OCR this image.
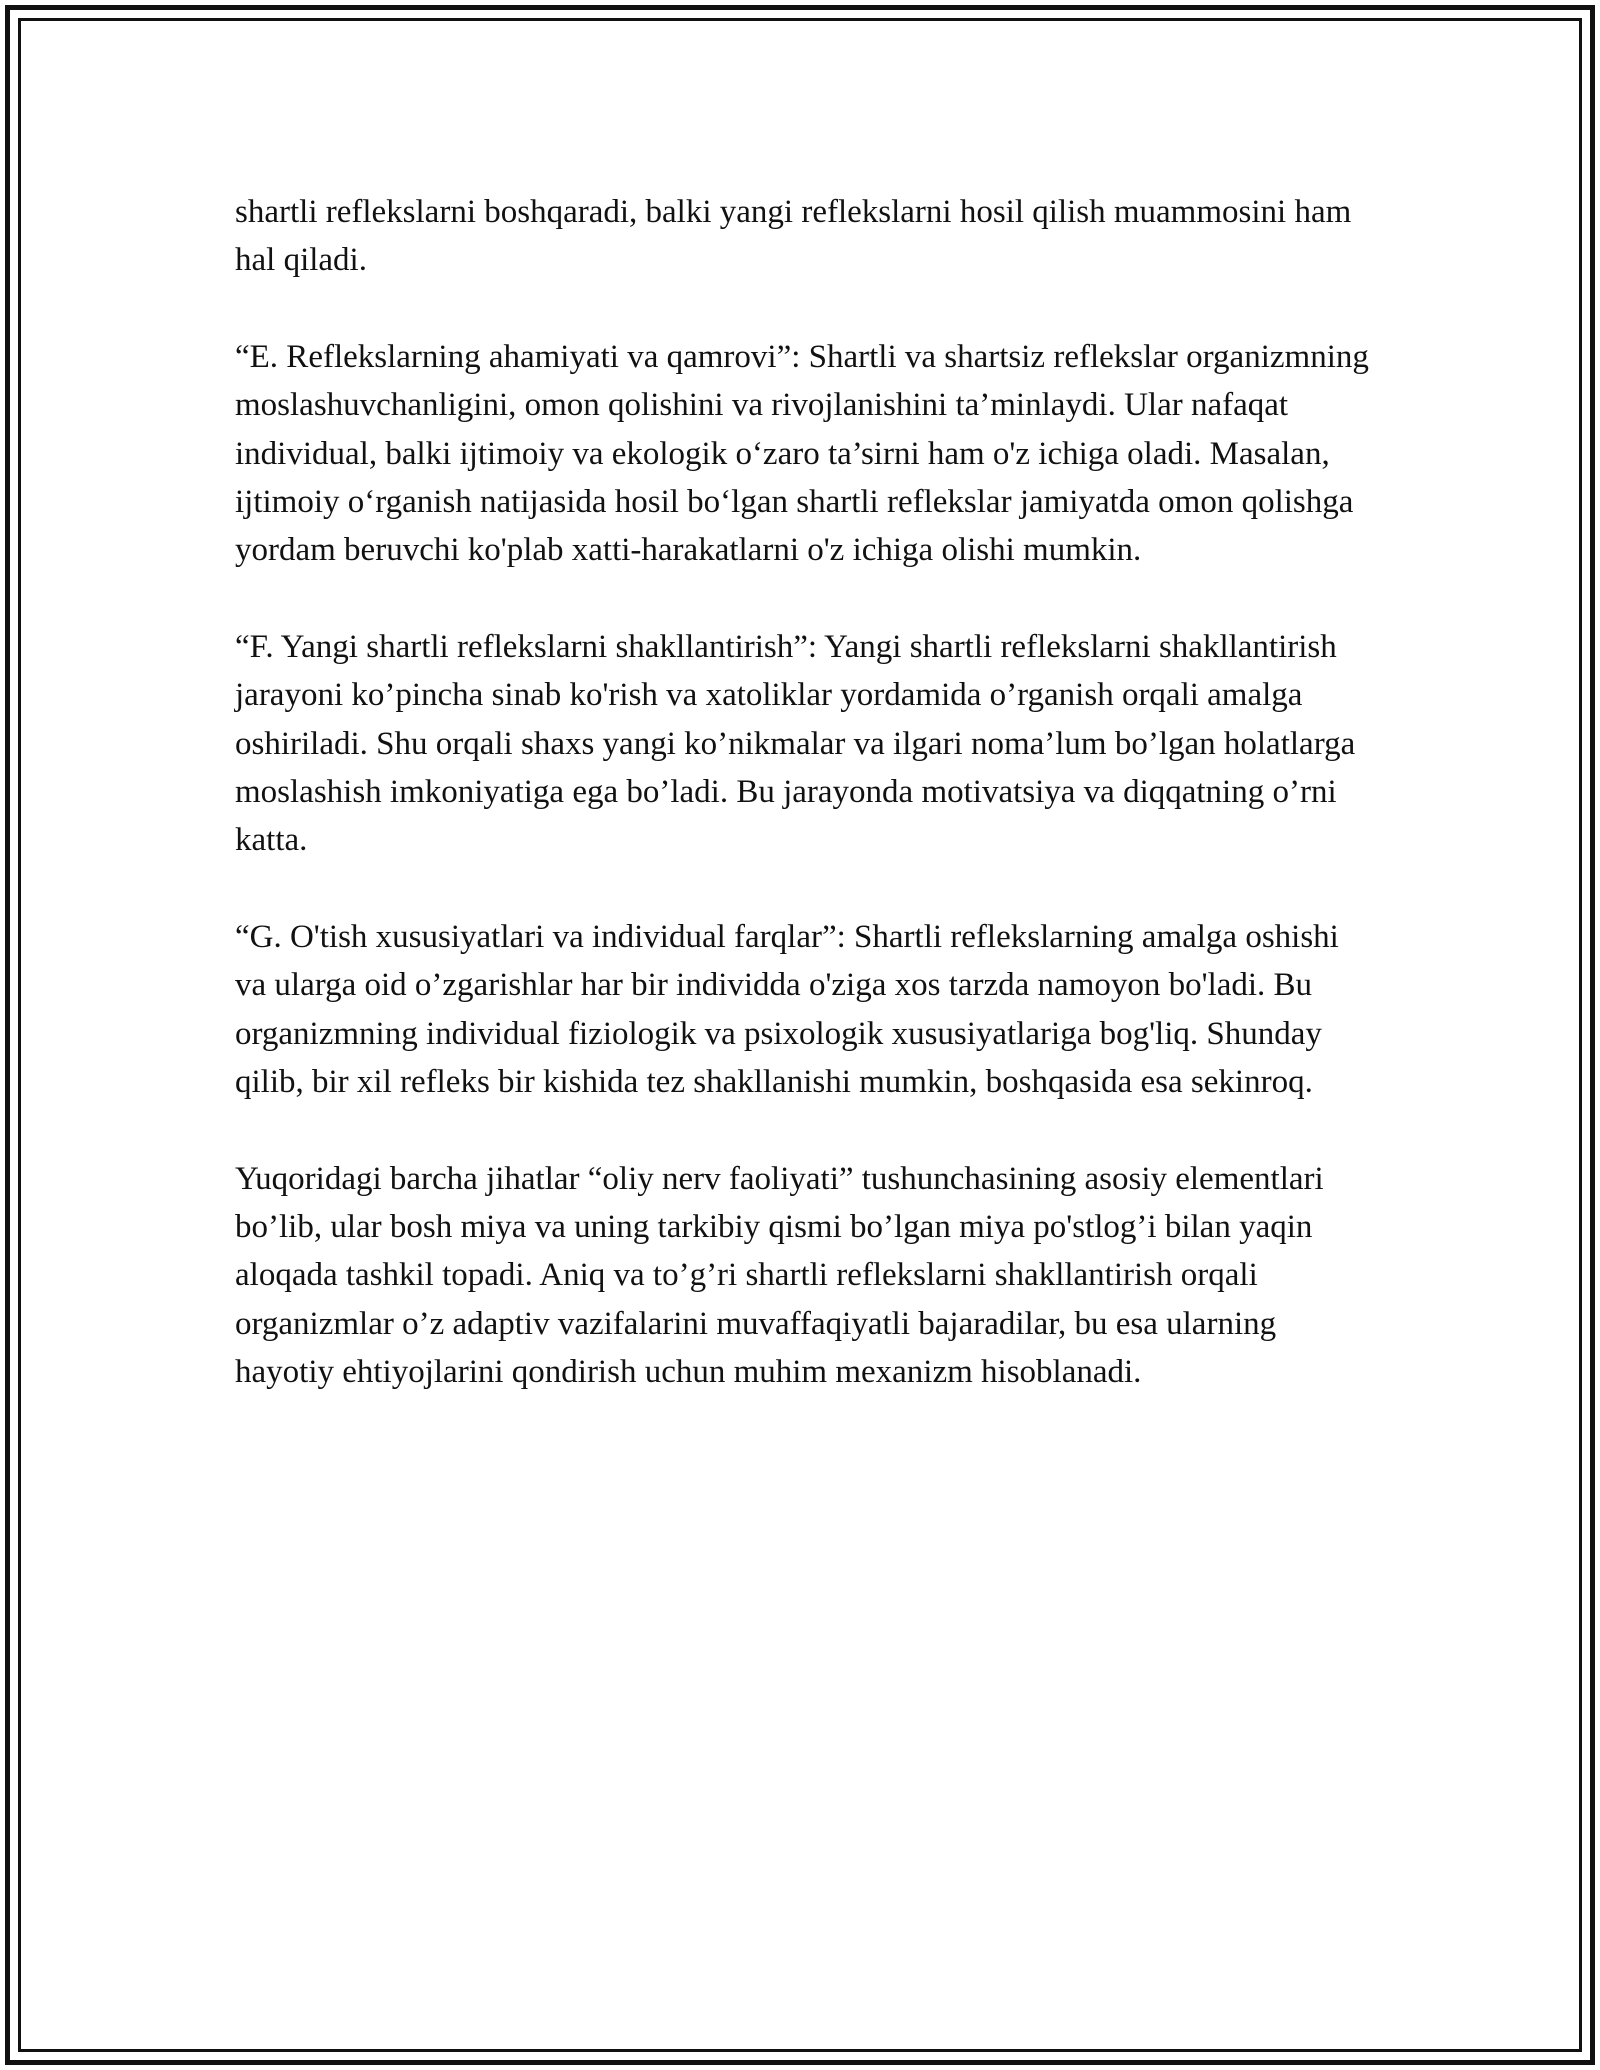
shartli reflekslarni boshqaradi, balki yangi reflekslarni hosil qilish muammosini ham hal qiladi.

“E. Reflekslarning ahamiyati va qamrovi”: Shartli va shartsiz reflekslar organizmning moslashuvchanligini, omon qolishini va rivojlanishini ta’minlaydi. Ular nafaqat individual, balki ijtimoiy va ekologik o‘zaro ta’sirni ham o'z ichiga oladi. Masalan, ijtimoiy o‘rganish natijasida hosil bo‘lgan shartli reflekslar jamiyatda omon qolishga yordam beruvchi ko'plab xatti-harakatlarni o'z ichiga olishi mumkin.

“F. Yangi shartli reflekslarni shakllantirish”: Yangi shartli reflekslarni shakllantirish jarayoni ko’pincha sinab ko'rish va xatoliklar yordamida o’rganish orqali amalga oshiriladi. Shu orqali shaxs yangi ko’nikmalar va ilgari noma’lum bo’lgan holatlarga moslashish imkoniyatiga ega bo’ladi. Bu jarayonda motivatsiya va diqqatning o’rni katta.

“G. O'tish xususiyatlari va individual farqlar”: Shartli reflekslarning amalga oshishi va ularga oid o’zgarishlar har bir individda o'ziga xos tarzda namoyon bo'ladi. Bu organizmning individual fiziologik va psixologik xususiyatlariga bog'liq. Shunday qilib, bir xil refleks bir kishida tez shakllanishi mumkin, boshqasida esa sekinroq.

Yuqoridagi barcha jihatlar “oliy nerv faoliyati” tushunchasining asosiy elementlari bo’lib, ular bosh miya va uning tarkibiy qismi bo’lgan miya po'stlog’i bilan yaqin aloqada tashkil topadi. Aniq va to’g’ri shartli reflekslarni shakllantirish orqali organizmlar o’z adaptiv vazifalarini muvaffaqiyatli bajaradilar, bu esa ularning hayotiy ehtiyojlarini qondirish uchun muhim mexanizm hisoblanadi.
